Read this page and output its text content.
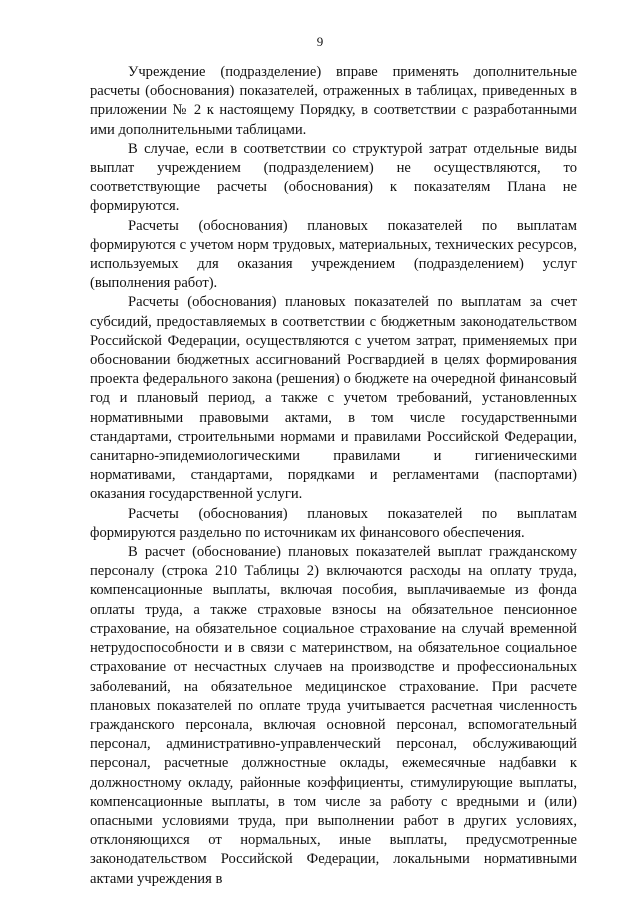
9

Учреждение (подразделение) вправе применять дополнительные расчеты (обоснования) показателей, отраженных в таблицах, приведенных в приложении № 2 к настоящему Порядку, в соответствии с разработанными ими дополнительными таблицами.

В случае, если в соответствии со структурой затрат отдельные виды выплат учреждением (подразделением) не осуществляются, то соответствующие расчеты (обоснования) к показателям Плана не формируются.

Расчеты (обоснования) плановых показателей по выплатам формируются с учетом норм трудовых, материальных, технических ресурсов, используемых для оказания учреждением (подразделением) услуг (выполнения работ).

Расчеты (обоснования) плановых показателей по выплатам за счет субсидий, предоставляемых в соответствии с бюджетным законодательством Российской Федерации, осуществляются с учетом затрат, применяемых при обосновании бюджетных ассигнований Росгвардией в целях формирования проекта федерального закона (решения) о бюджете на очередной финансовый год и плановый период, а также с учетом требований, установленных нормативными правовыми актами, в том числе государственными стандартами, строительными нормами и правилами Российской Федерации, санитарно-эпидемиологическими правилами и гигиеническими нормативами, стандартами, порядками и регламентами (паспортами) оказания государственной услуги.

Расчеты (обоснования) плановых показателей по выплатам формируются раздельно по источникам их финансового обеспечения.

В расчет (обоснование) плановых показателей выплат гражданскому персоналу (строка 210 Таблицы 2) включаются расходы на оплату труда, компенсационные выплаты, включая пособия, выплачиваемые из фонда оплаты труда, а также страховые взносы на обязательное пенсионное страхование, на обязательное социальное страхование на случай временной нетрудоспособности и в связи с материнством, на обязательное социальное страхование от несчастных случаев на производстве и профессиональных заболеваний, на обязательное медицинское страхование. При расчете плановых показателей по оплате труда учитывается расчетная численность гражданского персонала, включая основной персонал, вспомогательный персонал, административно-управленческий персонал, обслуживающий персонал, расчетные должностные оклады, ежемесячные надбавки к должностному окладу, районные коэффициенты, стимулирующие выплаты, компенсационные выплаты, в том числе за работу с вредными и (или) опасными условиями труда, при выполнении работ в других условиях, отклоняющихся от нормальных, иные выплаты, предусмотренные законодательством Российской Федерации, локальными нормативными актами учреждения в
